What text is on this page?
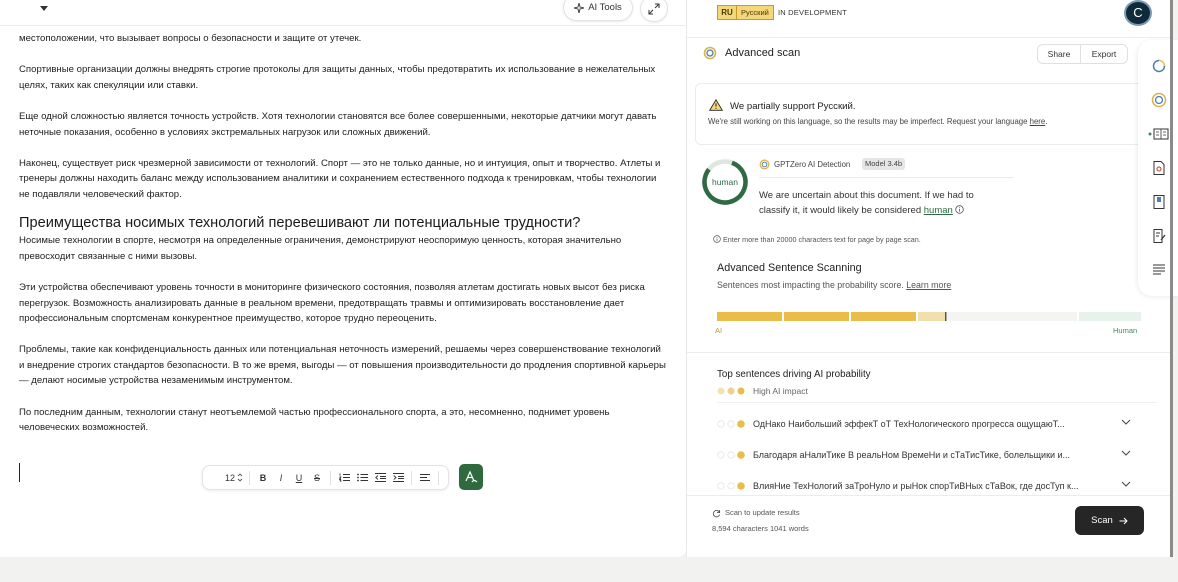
AI Tools

местоположении, что вызывает вопросы о безопасности и защите от утечек.

Спортивные организации должны внедрять строгие протоколы для защиты данных, чтобы предотвратить их использование в нежелательных целях, таких как спекуляции или ставки.

Еще одной сложностью является точность устройств. Хотя технологии становятся все более совершенными, некоторые датчики могут давать неточные показания, особенно в условиях экстремальных нагрузок или сложных движений.

Наконец, существует риск чрезмерной зависимости от технологий. Спорт — это не только данные, но и интуиция, опыт и творчество. Атлеты и тренеры должны находить баланс между использованием аналитики и сохранением естественного подхода к тренировкам, чтобы технологии не подавляли человеческий фактор.

Преимущества носимых технологий перевешивают ли потенциальные трудности?

Носимые технологии в спорте, несмотря на определенные ограничения, демонстрируют неоспоримую ценность, которая значительно превосходит связанные с ними вызовы.

Эти устройства обеспечивают уровень точности в мониторинге физического состояния, позволяя атлетам достигать новых высот без риска перегрузок. Возможность анализировать данные в реальном времени, предотвращать травмы и оптимизировать восстановление дает профессиональным спортсменам конкурентное преимущество, которое трудно переоценить.

Проблемы, такие как конфиденциальность данных или потенциальная неточность измерений, решаемы через совершенствование технологий и внедрение строгих стандартов безопасности. В то же время, выгоды — от повышения производительности до продления спортивной карьеры — делают носимые устройства незаменимым инструментом.

По последним данным, технологии станут неотъемлемой частью профессионального спорта, а это, несомненно, поднимет уровень человеческих возможностей.

12	B	I	U	S
RU	Русский	IN DEVELOPMENT	C
Advanced scan	Share	Export
We partially support Русский.
We're still working on this language, so the results may be imperfect. Request your language here.
human
GPTZero AI Detection	Model 3.4b
We are uncertain about this document. If we had to classify it, it would likely be considered human
Enter more than 20000 characters text for page by page scan.
Advanced Sentence Scanning
Sentences most impacting the probability score. Learn more
AI	Human
Top sentences driving AI probability
High AI impact
ОдНако Наибольший эффекТ оТ ТехНологического прогресса ощущаюТ...
Благодаря аНалиТике В реальНом ВремеНи и сТаТисТике, болельщики и...
ВлияНие ТехНологий заТроНуло и рыНок спорТиВНых сТаВок, где досТуп к...
Scan to update results
8,594 characters 1041 words
Scan
